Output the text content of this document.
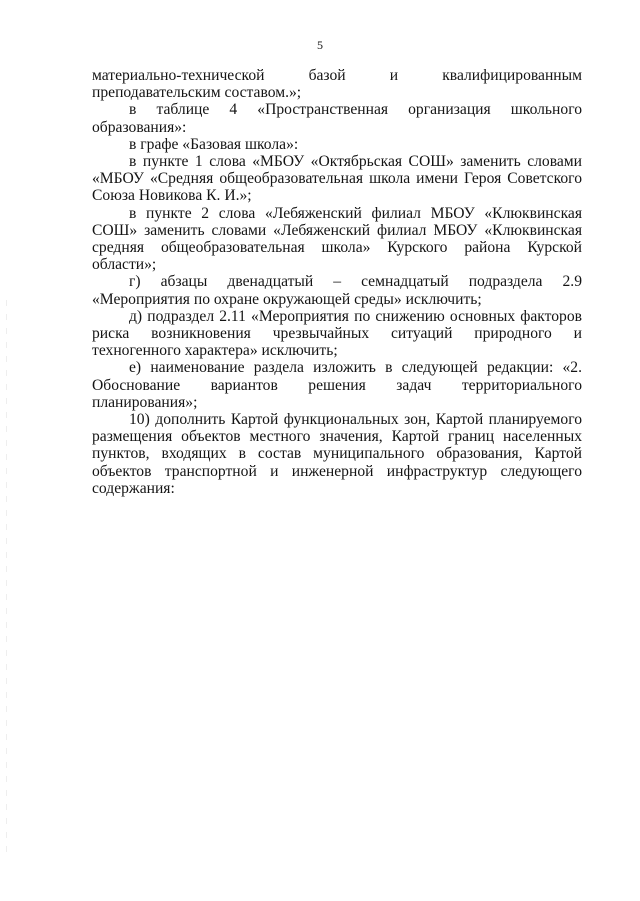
5

материально-технической базой и квалифицированным преподавательским составом.»;

в таблице 4 «Пространственная организация школьного образования»:

в графе «Базовая школа»:

в пункте 1 слова «МБОУ «Октябрьская СОШ» заменить словами «МБОУ «Средняя общеобразовательная школа имени Героя Советского Союза Новикова К. И.»;

в пункте 2 слова «Лебяженский филиал МБОУ «Клюквинская СОШ» заменить словами «Лебяженский филиал МБОУ «Клюквинская средняя общеобразовательная школа» Курского района Курской области»;

г) абзацы двенадцатый – семнадцатый подраздела 2.9 «Мероприятия по охране окружающей среды» исключить;

д) подраздел 2.11 «Мероприятия по снижению основных факторов риска возникновения чрезвычайных ситуаций природного и техногенного характера» исключить;

е) наименование раздела изложить в следующей редакции: «2. Обоснование вариантов решения задач территориального планирования»;

10) дополнить Картой функциональных зон, Картой планируемого размещения объектов местного значения, Картой границ населенных пунктов, входящих в состав муниципального образования, Картой объектов транспортной и инженерной инфраструктур следующего содержания:
